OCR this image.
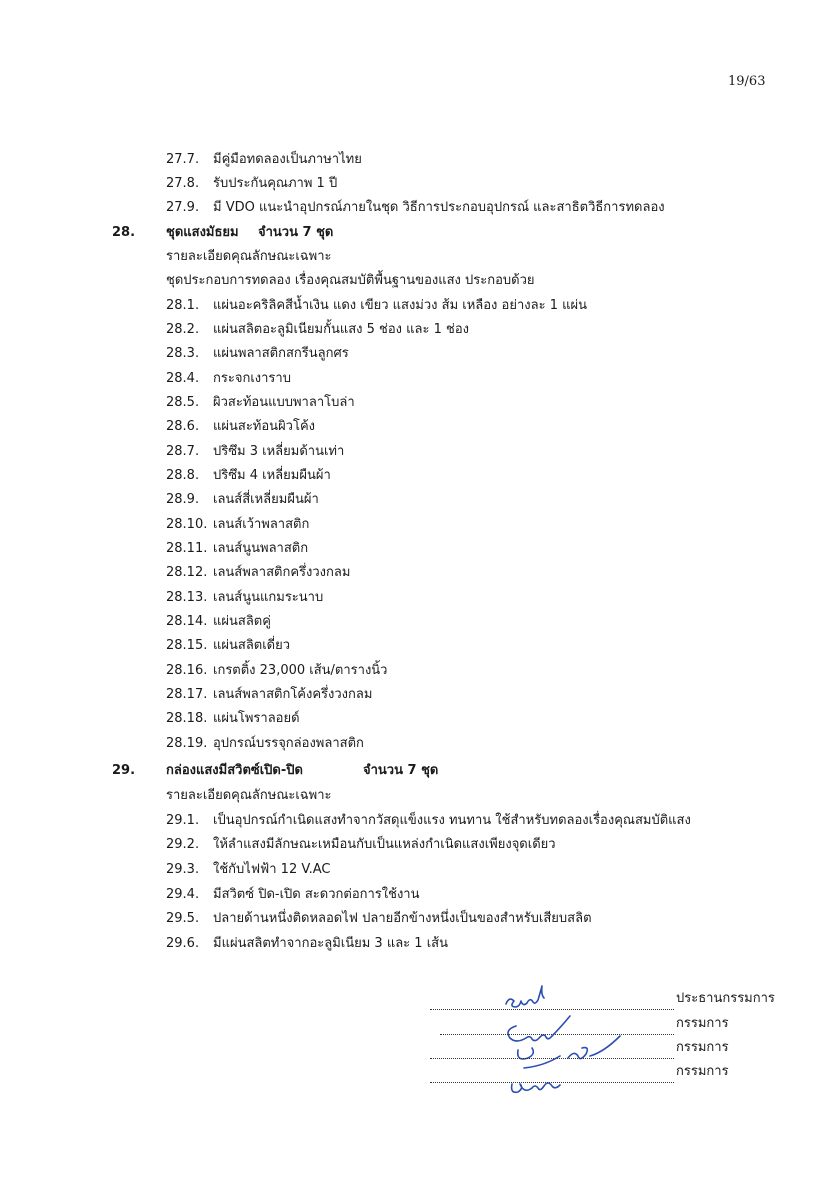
19/63
27.7. มีคู่มือทดลองเป็นภาษาไทย
27.8. รับประกันคุณภาพ 1 ปี
27.9. มี VDO แนะนำอุปกรณ์ภายในชุด วิธีการประกอบอุปกรณ์ และสาธิตวิธีการทดลอง
28. ชุดแสงมัธยม จำนวน 7 ชุด
รายละเอียดคุณลักษณะเฉพาะ
ชุดประกอบการทดลอง เรื่องคุณสมบัติพื้นฐานของแสง ประกอบด้วย
28.1. แผ่นอะคริลิคสีน้ำเงิน แดง เขียว แสงม่วง ส้ม เหลือง อย่างละ 1 แผ่น
28.2. แผ่นสลิตอะลูมิเนียมกั้นแสง 5 ช่อง และ 1 ช่อง
28.3. แผ่นพลาสติกสกรีนลูกศร
28.4. กระจกเงาราบ
28.5. ผิวสะท้อนแบบพาลาโบล่า
28.6. แผ่นสะท้อนผิวโค้ง
28.7. ปริซึม 3 เหลี่ยมด้านเท่า
28.8. ปริซึม 4 เหลี่ยมผืนผ้า
28.9. เลนส์สี่เหลี่ยมผืนผ้า
28.10. เลนส์เว้าพลาสติก
28.11. เลนส์นูนพลาสติก
28.12. เลนส์พลาสติกครึ่งวงกลม
28.13. เลนส์นูนแกมระนาบ
28.14. แผ่นสลิตคู่
28.15. แผ่นสลิตเดี่ยว
28.16. เกรตติ้ง 23,000 เส้น/ตารางนิ้ว
28.17. เลนส์พลาสติกโค้งครึ่งวงกลม
28.18. แผ่นโพราลอยด์
28.19. อุปกรณ์บรรจุกล่องพลาสติก
29. กล่องแสงมีสวิตซ์เปิด-ปิด	จำนวน 7 ชุด
รายละเอียดคุณลักษณะเฉพาะ
29.1. เป็นอุปกรณ์กำเนิดแสงทำจากวัสดุแข็งแรง ทนทาน ใช้สำหรับทดลองเรื่องคุณสมบัติแสง
29.2. ให้ลำแสงมีลักษณะเหมือนกับเป็นแหล่งกำเนิดแสงเพียงจุดเดียว
29.3. ใช้กับไฟฟ้า 12 V.AC
29.4. มีสวิตซ์ ปิด-เปิด สะดวกต่อการใช้งาน
29.5. ปลายด้านหนึ่งติดหลอดไฟ ปลายอีกข้างหนึ่งเป็นของสำหรับเสียบสลิต
29.6. มีแผ่นสลิตทำจากอะลูมิเนียม 3 และ 1 เส้น
ประธานกรรมการ
กรรมการ
กรรมการ
กรรมการ
